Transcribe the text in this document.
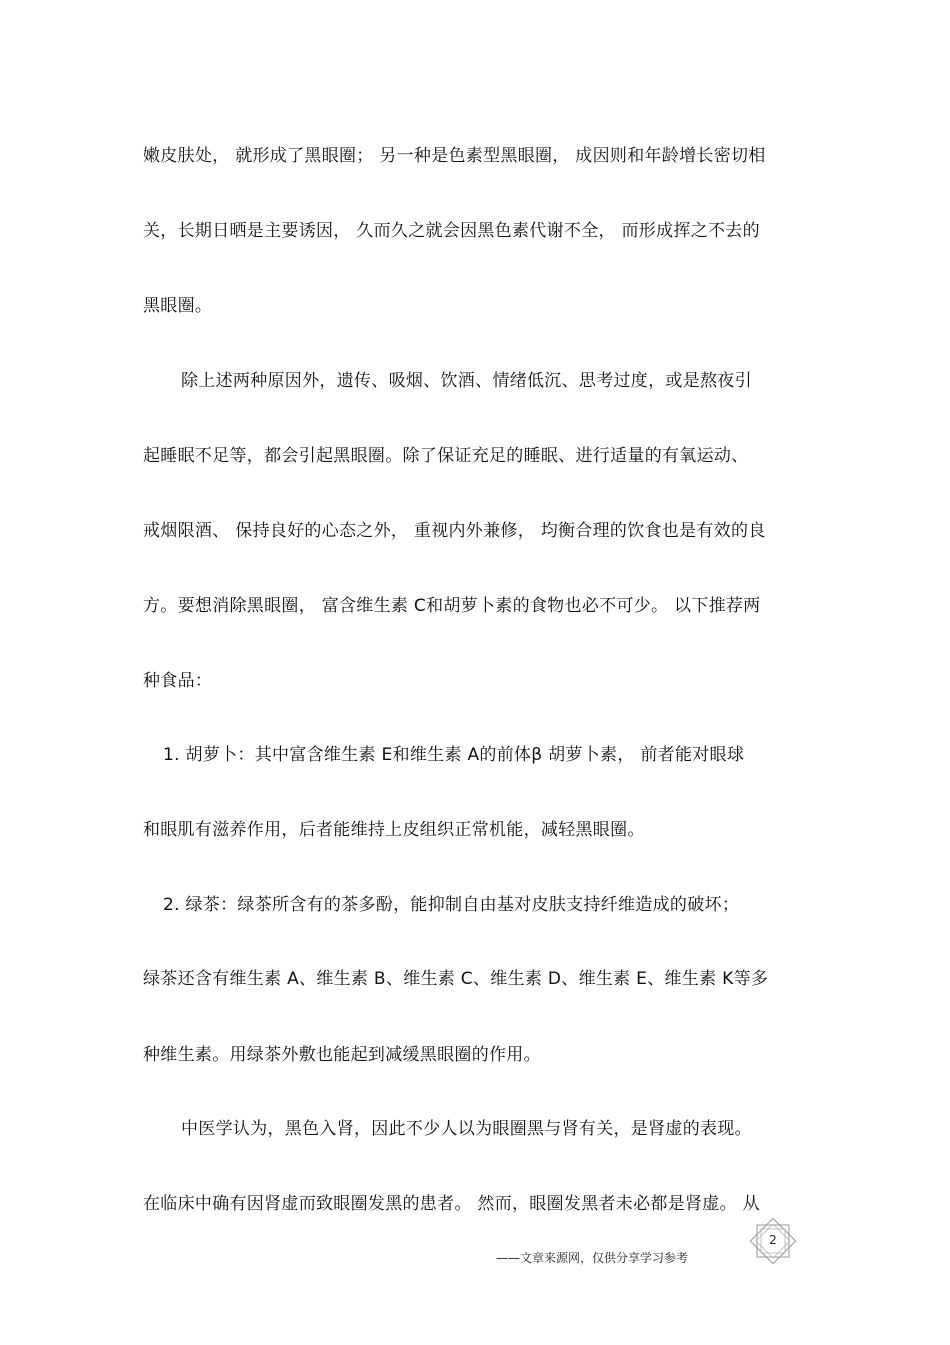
嫩皮肤处， 就形成了黑眼圈； 另一种是色素型黑眼圈， 成因则和年龄增长密切相

关，长期日晒是主要诱因， 久而久之就会因黑色素代谢不全， 而形成挥之不去的

黑眼圈。

除上述两种原因外，遗传、吸烟、饮酒、情绪低沉、思考过度，或是熬夜引

起睡眠不足等，都会引起黑眼圈。除了保证充足的睡眠、进行适量的有氧运动、

戒烟限酒、 保持良好的心态之外， 重视内外兼修， 均衡合理的饮食也是有效的良

方。要想消除黑眼圈， 富含维生素 C和胡萝卜素的食物也必不可少。 以下推荐两

种食品：

1. 胡萝卜：其中富含维生素 E和维生素 A的前体β 胡萝卜素， 前者能对眼球

和眼肌有滋养作用，后者能维持上皮组织正常机能，减轻黑眼圈。

2. 绿茶：绿茶所含有的茶多酚，能抑制自由基对皮肤支持纤维造成的破坏；

绿茶还含有维生素 A、维生素 B、维生素 C、维生素 D、维生素 E、维生素 K等多

种维生素。用绿茶外敷也能起到减缓黑眼圈的作用。

中医学认为，黑色入肾，因此不少人以为眼圈黑与肾有关，是肾虚的表现。

在临床中确有因肾虚而致眼圈发黑的患者。 然而，眼圈发黑者未必都是肾虚。 从

2
——文章来源网，仅供分享学习参考
